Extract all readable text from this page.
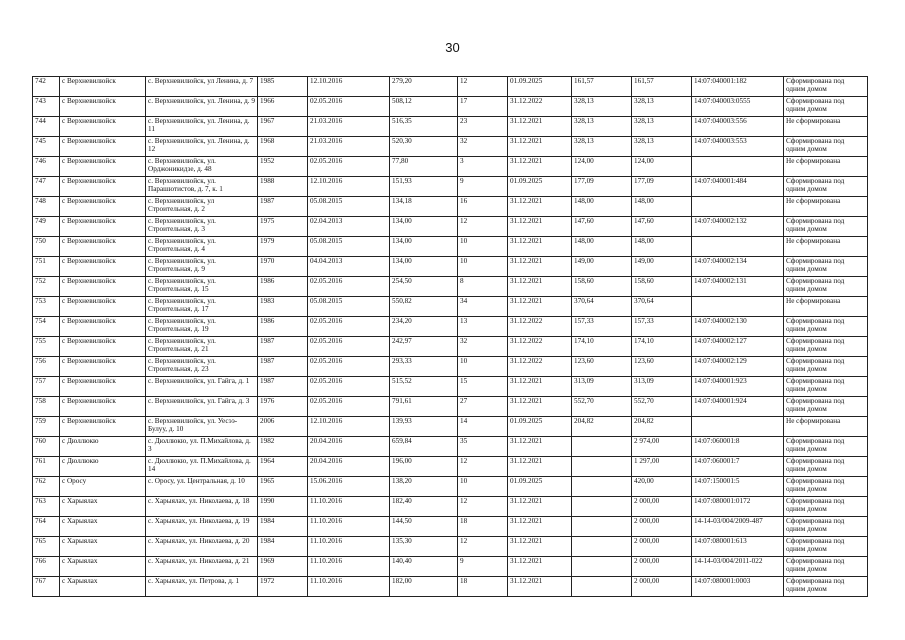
30
742	с Верхневилюйск	с. Верхневилюйск, ул Ленина, д. 7	1985	12.10.2016	279,20	12	01.09.2025	161,57	161,57	14:07:040001:182	Сформирована под одним домом
743	с Верхневилюйск	с. Верхневилюйск, ул. Ленина, д. 9	1966	02.05.2016	508,12	17	31.12.2022	328,13	328,13	14:07:040003:0555	Сформирована под одним домом
744	с Верхневилюйск	с. Верхневилюйск, ул. Ленина, д. 11	1967	21.03.2016	516,35	23	31.12.2021	328,13	328,13	14:07:040003:556	Не сформирована
745	с Верхневилюйск	с. Верхневилюйск, ул. Ленина, д. 12	1968	21.03.2016	520,30	32	31.12.2021	328,13	328,13	14:07:040003:553	Сформирована под одним домом
746	с Верхневилюйск	с. Верхневилюйск, ул. Орджоникидзе, д. 48	1952	02.05.2016	77,80	3	31.12.2021	124,00	124,00		Не сформирована
747	с Верхневилюйск	с. Верхневилюйск, ул. Парашютистов, д. 7, к. 1	1988	12.10.2016	151,93	9	01.09.2025	177,09	177,09	14:07:040001:484	Сформирована под одним домом
748	с Верхневилюйск	с. Верхневилюйск, ул Строительная, д. 2	1987	05.08.2015	134,18	16	31.12.2021	148,00	148,00		Не сформирована
749	с Верхневилюйск	с. Верхневилюйск, ул. Строительная, д. 3	1975	02.04.2013	134,00	12	31.12.2021	147,60	147,60	14:07:040002:132	Сформирована под одним домом
750	с Верхневилюйск	с. Верхневилюйск, ул. Строительная, д. 4	1979	05.08.2015	134,00	10	31.12.2021	148,00	148,00		Не сформирована
751	с Верхневилюйск	с. Верхневилюйск, ул. Строительная, д. 9	1970	04.04.2013	134,00	10	31.12.2021	149,00	149,00	14:07:040002:134	Сформирована под одним домом
752	с Верхневилюйск	с. Верхневилюйск, ул. Строительная, д. 15	1986	02.05.2016	254,50	8	31.12.2021	158,60	158,60	14:07:040002:131	Сформирована под одним домом
753	с Верхневилюйск	с. Верхневилюйск, ул. Строительная, д. 17	1983	05.08.2015	550,82	34	31.12.2021	370,64	370,64		Не сформирована
754	с Верхневилюйск	с. Верхневилюйск, ул. Строительная, д. 19	1986	02.05.2016	234,20	13	31.12.2022	157,33	157,33	14:07:040002:130	Сформирована под одним домом
755	с Верхневилюйск	с. Верхневилюйск, ул. Строительная, д. 21	1987	02.05.2016	242,97	32	31.12.2022	174,10	174,10	14:07:040002:127	Сформирована под одним домом
756	с Верхневилюйск	с. Верхневилюйск, ул. Строительная, д. 23	1987	02.05.2016	293,33	10	31.12.2022	123,60	123,60	14:07:040002:129	Сформирована под одним домом
757	с Верхневилюйск	с. Верхневилюйск, ул. Гайга, д. 1	1987	02.05.2016	515,52	15	31.12.2021	313,09	313,09	14:07:040001:923	Сформирована под одним домом
758	с Верхневилюйск	с. Верхневилюйск, ул. Гайга, д. 3	1976	02.05.2016	791,61	27	31.12.2021	552,70	552,70	14:07:040001:924	Сформирована под одним домом
759	с Верхневилюйск	с. Верхневилюйск, ул. Уесээ-Булуу, д. 10	2006	12.10.2016	139,93	14	01.09.2025	204,82	204,82		Не сформирована
760	с Дюллюкю	с. Дюллюкю, ул. П.Михайлова, д. 3	1982	20.04.2016	659,84	35	31.12.2021		2 974,00	14:07:060001:8	Сформирована под одним домом
761	с Дюллюкю	с. Дюллюкю, ул. П.Михайлова, д. 14	1964	20.04.2016	196,00	12	31.12.2021		1 297,00	14:07:060001:7	Сформирована под одним домом
762	с Оросу	с. Оросу, ул. Центральная, д. 10	1965	15.06.2016	138,20	10	01.09.2025		420,00	14:07:150001:5	Сформирована под одним домом
763	с Харыялах	с. Харыялах, ул. Николаева, д. 18	1990	11.10.2016	182,40	12	31.12.2021		2 000,00	14:07:080001:0172	Сформирована под одним домом
764	с Харыялах	с. Харыялах, ул. Николаева, д. 19	1984	11.10.2016	144,50	18	31.12.2021		2 000,00	14-14-03/004/2009-487	Сформирована под одним домом
765	с Харыялах	с. Харыялах, ул. Николаева, д. 20	1984	11.10.2016	135,30	12	31.12.2021		2 000,00	14:07:080001:613	Сформирована под одним домом
766	с Харыялах	с. Харыялах, ул. Николаева, д. 21	1969	11.10.2016	140,40	9	31.12.2021		2 000,00	14-14-03/004/2011-022	Сформирована под одним домом
767	с Харыялах	с. Харыялах, ул. Петрова, д. 1	1972	11.10.2016	182,00	18	31.12.2021		2 000,00	14:07:080001:0003	Сформирована под одним домом
